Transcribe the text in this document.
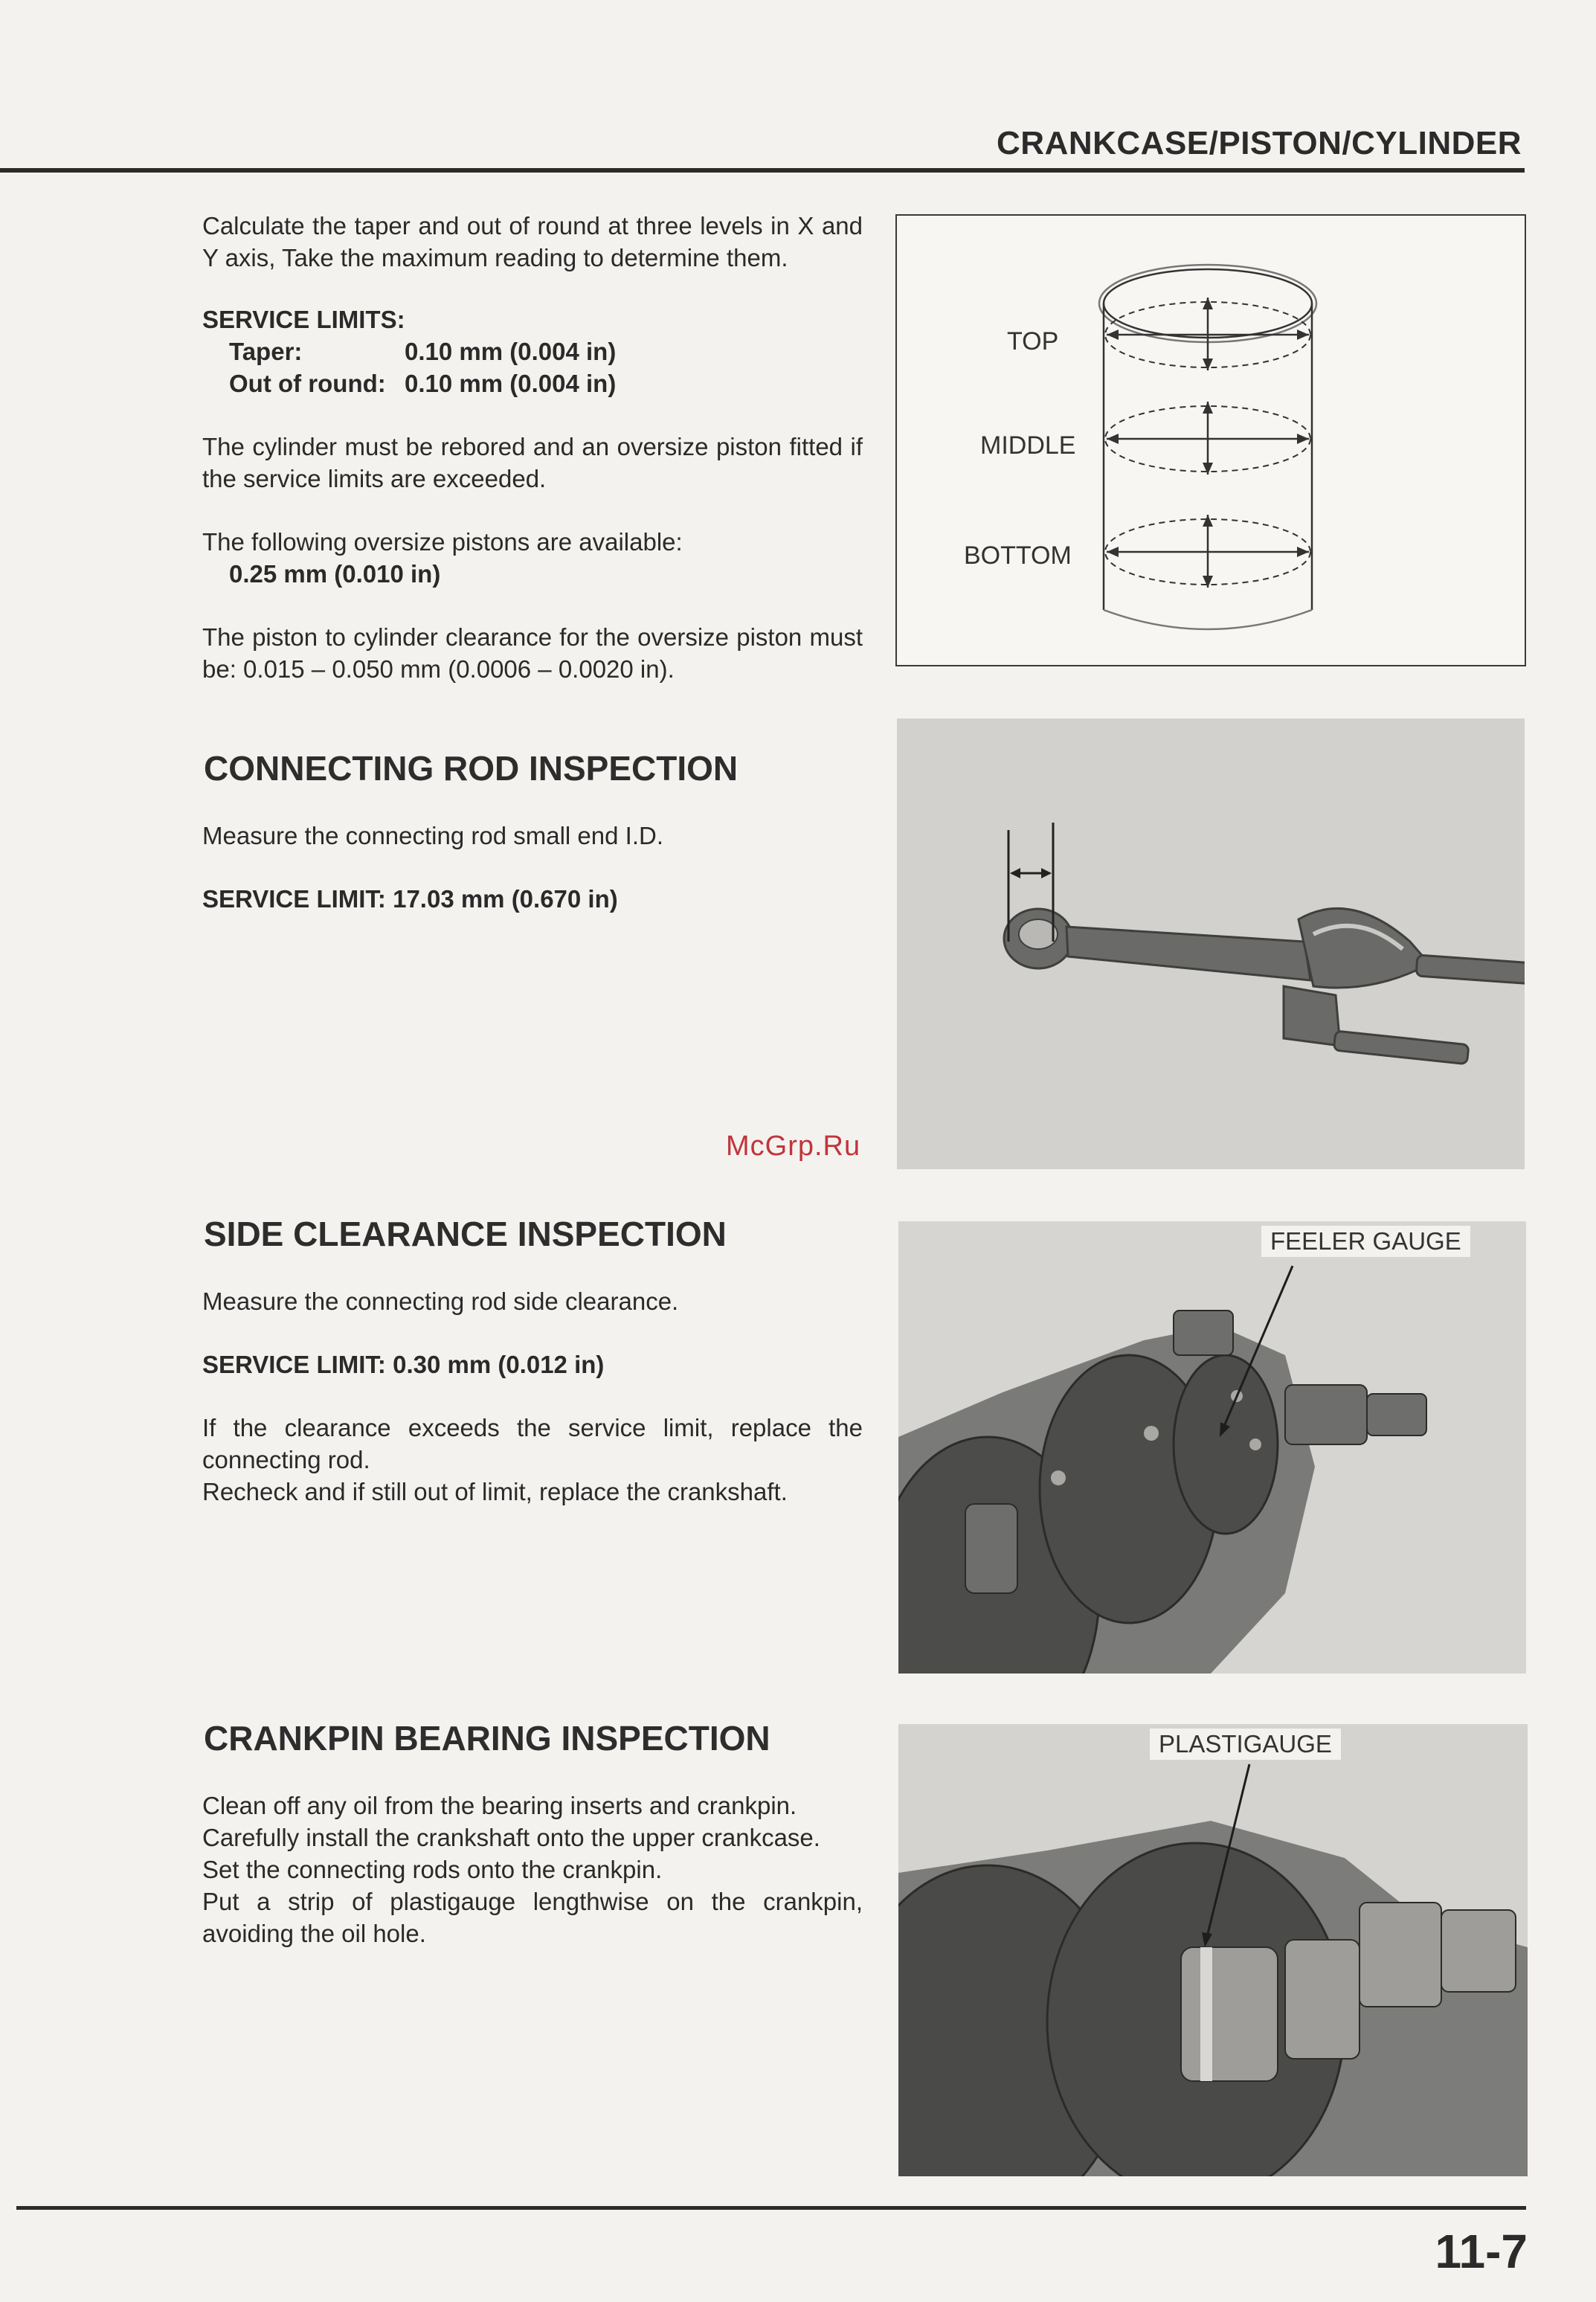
CRANKCASE/PISTON/CYLINDER

Calculate the taper and out of round at three levels in X and Y axis, Take the maximum reading to determine them.

SERVICE LIMITS:

Taper:	0.10 mm (0.004 in)
Out of round: 0.10 mm (0.004 in)

The cylinder must be rebored and an oversize piston fitted if the service limits are exceeded.

The following oversize pistons are available:

0.25 mm (0.010 in)

The piston to cylinder clearance for the oversize piston must be: 0.015 – 0.050 mm (0.0006 – 0.0020 in).

TOP
MIDDLE
BOTTOM
CONNECTING ROD INSPECTION

Measure the connecting rod small end I.D.

SERVICE LIMIT: 17.03 mm (0.670 in)

McGrp.Ru
SIDE CLEARANCE INSPECTION

Measure the connecting rod side clearance.

SERVICE LIMIT: 0.30 mm (0.012 in)

If the clearance exceeds the service limit, replace the connecting rod.

Recheck and if still out of limit, replace the crankshaft.

FEELER GAUGE
CRANKPIN BEARING INSPECTION

Clean off any oil from the bearing inserts and crankpin.

Carefully install the crankshaft onto the upper crankcase.

Set the connecting rods onto the crankpin.

Put a strip of plastigauge lengthwise on the crankpin, avoiding the oil hole.

PLASTIGAUGE
11-7
